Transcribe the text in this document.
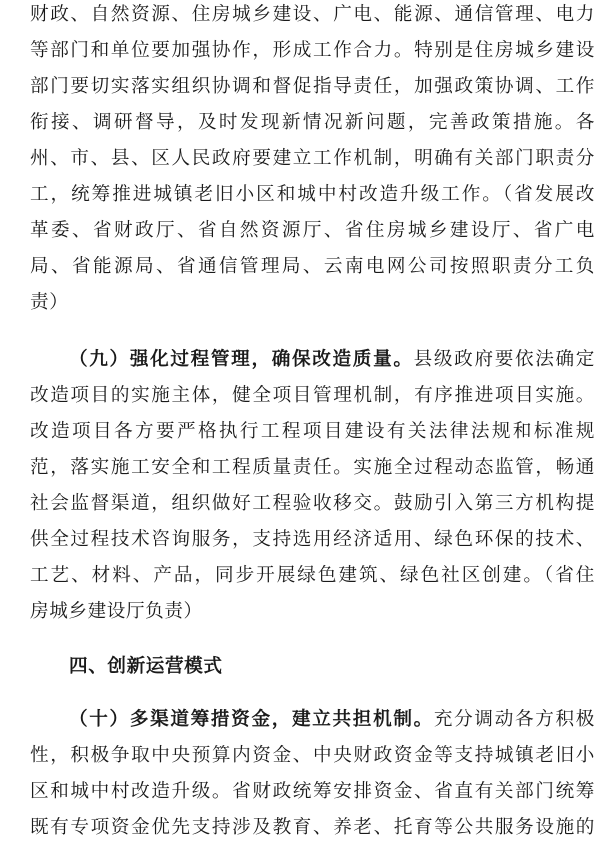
财政、自然资源、住房城乡建设、广电、能源、通信管理、电力
等部门和单位要加强协作，形成工作合力。特别是住房城乡建设
部门要切实落实组织协调和督促指导责任，加强政策协调、工作
衔接、调研督导，及时发现新情况新问题，完善政策措施。各
州、市、县、区人民政府要建立工作机制，明确有关部门职责分
工，统筹推进城镇老旧小区和城中村改造升级工作。（省发展改
革委、省财政厅、省自然资源厅、省住房城乡建设厅、省广电
局、省能源局、省通信管理局、云南电网公司按照职责分工负
责）
（九）强化过程管理，确保改造质量。县级政府要依法确定
改造项目的实施主体，健全项目管理机制，有序推进项目实施。
改造项目各方要严格执行工程项目建设有关法律法规和标准规
范，落实施工安全和工程质量责任。实施全过程动态监管，畅通
社会监督渠道，组织做好工程验收移交。鼓励引入第三方机构提
供全过程技术咨询服务，支持选用经济适用、绿色环保的技术、
工艺、材料、产品，同步开展绿色建筑、绿色社区创建。（省住
房城乡建设厅负责）
四、创新运营模式
（十）多渠道筹措资金，建立共担机制。充分调动各方积极
性，积极争取中央预算内资金、中央财政资金等支持城镇老旧小
区和城中村改造升级。省财政统筹安排资金、省直有关部门统筹
既有专项资金优先支持涉及教育、养老、托育等公共服务设施的
